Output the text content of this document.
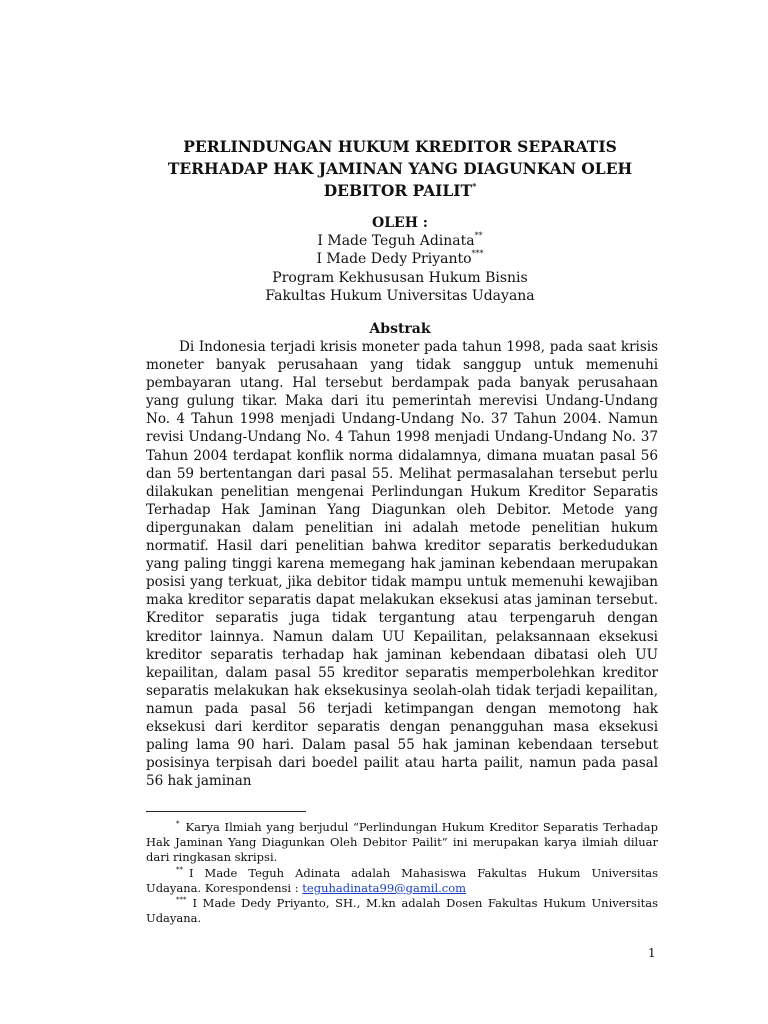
PERLINDUNGAN HUKUM KREDITOR SEPARATIS
TERHADAP HAK JAMINAN YANG DIAGUNKAN OLEH
DEBITOR PAILIT*
OLEH :
I Made Teguh Adinata**
I Made Dedy Priyanto***
Program Kekhususan Hukum Bisnis
Fakultas Hukum Universitas Udayana
Abstrak
Di Indonesia terjadi krisis moneter pada tahun 1998, pada saat krisis moneter banyak perusahaan yang tidak sanggup untuk memenuhi pembayaran utang. Hal tersebut berdampak pada banyak perusahaan yang gulung tikar. Maka dari itu pemerintah merevisi Undang-Undang No. 4 Tahun 1998 menjadi Undang-Undang No. 37 Tahun 2004. Namun revisi Undang-Undang No. 4 Tahun 1998 menjadi Undang-Undang No. 37 Tahun 2004 terdapat konflik norma didalamnya, dimana muatan pasal 56 dan 59 bertentangan dari pasal 55. Melihat permasalahan tersebut perlu dilakukan penelitian mengenai Perlindungan Hukum Kreditor Separatis Terhadap Hak Jaminan Yang Diagunkan oleh Debitor. Metode yang dipergunakan dalam penelitian ini adalah metode penelitian hukum normatif. Hasil dari penelitian bahwa kreditor separatis berkedudukan yang paling tinggi karena memegang hak jaminan kebendaan merupakan posisi yang terkuat, jika debitor tidak mampu untuk memenuhi kewajiban maka kreditor separatis dapat melakukan eksekusi atas jaminan tersebut. Kreditor separatis juga tidak tergantung atau terpengaruh dengan kreditor lainnya. Namun dalam UU Kepailitan, pelaksannaan eksekusi kreditor separatis terhadap hak jaminan kebendaan dibatasi oleh UU kepailitan, dalam pasal 55 kreditor separatis memperbolehkan kreditor separatis melakukan hak eksekusinya seolah-olah tidak terjadi kepailitan, namun pada pasal 56 terjadi ketimpangan dengan memotong hak eksekusi dari kerditor separatis dengan penangguhan masa eksekusi paling lama 90 hari. Dalam pasal 55 hak jaminan kebendaan tersebut posisinya terpisah dari boedel pailit atau harta pailit, namun pada pasal 56 hak jaminan

* Karya Ilmiah yang berjudul “Perlindungan Hukum Kreditor Separatis Terhadap Hak Jaminan Yang Diagunkan Oleh Debitor Pailit” ini merupakan karya ilmiah diluar dari ringkasan skripsi.

** I Made Teguh Adinata adalah Mahasiswa Fakultas Hukum Universitas Udayana. Korespondensi : teguhadinata99@gamil.com

*** I Made Dedy Priyanto, SH., M.kn adalah Dosen Fakultas Hukum Universitas Udayana.

1
